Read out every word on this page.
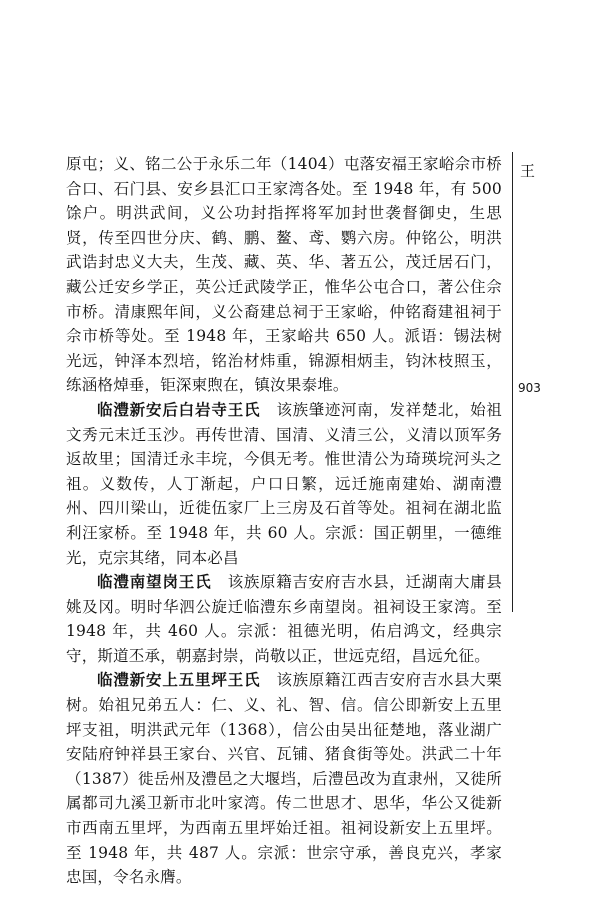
王
903

原屯；义、铭二公于永乐二年（1404）屯落安福王家峪佘市桥合口、石门县、安乡县汇口王家湾各处。至 1948 年，有 500 馀户。明洪武间，义公功封指挥将军加封世袭督御史，生思贤，传至四世分庆、鹤、鹏、鳌、鸢、鹦六房。仲铭公，明洪武诰封忠义大夫，生茂、藏、英、华、著五公，茂迁居石门，藏公迁安乡学正，英公迁武陵学正，惟华公屯合口，著公住佘市桥。清康熙年间，义公裔建总祠于王家峪，仲铭裔建祖祠于佘市桥等处。至 1948 年，王家峪共 650 人。派语：锡法树光远，钟泽本烈培，铭治材炜重，锦源相炳圭，钧沐枝照玉，练涵格焯垂，钜深柬煦在，镇汝果泰堆。

临澧新安后白岩寺王氏　 该族肇迹河南，发祥楚北，始祖文秀元末迁玉沙。再传世清、国清、义清三公，义清以顶军务返故里；国清迁永丰垸，今俱无考。惟世清公为琦瑛垸河头之祖。义数传，人丁渐起，户口日繁，远迁施南建始、湖南澧州、四川梁山，近徙伍家厂上三房及石首等处。祖祠在湖北监利汪家桥。至 1948 年，共 60 人。宗派：国正朝里，一德维光，克宗其绪，同本必昌

临澧南望岗王氏　 该族原籍吉安府吉水县，迁湖南大庸县姚及冈。明时华泗公旋迁临澧东乡南望岗。祖祠设王家湾。至 1948 年，共 460 人。宗派：祖德光明，佑启鸿文，经典宗守，斯道丕承，朝嘉封崇，尚敬以正，世远克绍，昌远允征。

临澧新安上五里坪王氏　 该族原籍江西吉安府吉水县大栗树。始祖兄弟五人：仁、义、礼、智、信。信公即新安上五里坪支祖，明洪武元年（1368），信公由吴出征楚地，落业湖广安陆府钟祥县王家台、兴官、瓦铺、猪食街等处。洪武二十年（1387）徙岳州及澧邑之大堰垱，后澧邑改为直隶州，又徙所属都司九溪卫新市北叶家湾。传二世思才、思华，华公又徙新市西南五里坪，为西南五里坪始迁祖。祖祠设新安上五里坪。至 1948 年，共 487 人。宗派：世宗守承，善良克兴，孝家忠国，令名永膺。
